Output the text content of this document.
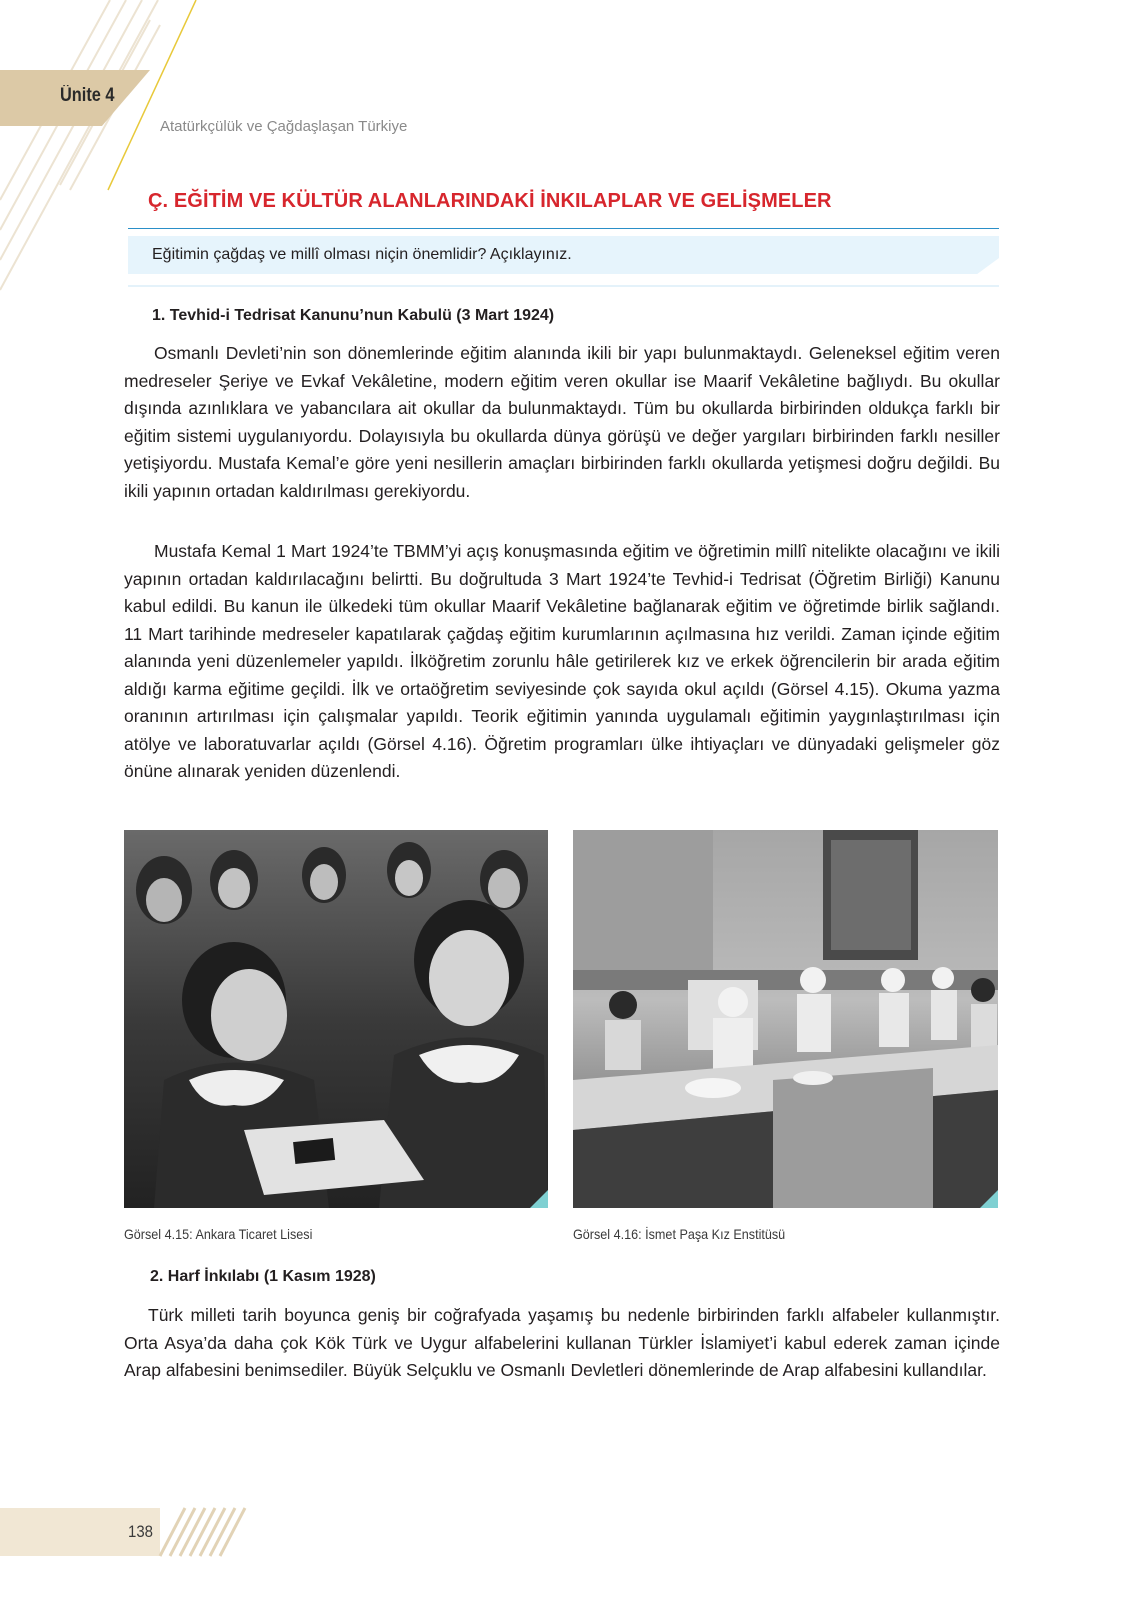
Ünite 4
Atatürkçülük ve Çağdaşlaşan Türkiye
Ç. EĞİTİM VE KÜLTÜR ALANLARINDAKİ İNKILAPLAR VE GELİŞMELER
Eğitimin çağdaş ve millî olması niçin önemlidir? Açıklayınız.
1. Tevhid-i Tedrisat Kanunu’nun Kabulü (3 Mart 1924)

Osmanlı Devleti’nin son dönemlerinde eğitim alanında ikili bir yapı bulunmaktaydı. Geleneksel eğitim veren medreseler Şeriye ve Evkaf Vekâletine, modern eğitim veren okullar ise Maarif Vekâletine bağlıydı. Bu okullar dışında azınlıklara ve yabancılara ait okullar da bulunmaktaydı. Tüm bu okullarda birbirinden oldukça farklı bir eğitim sistemi uygulanıyordu. Dolayısıyla bu okullarda dünya görüşü ve değer yargıları birbirinden farklı nesiller yetişiyordu. Mustafa Kemal’e göre yeni nesillerin amaçları birbirinden farklı okullarda yetişmesi doğru değildi. Bu ikili yapının ortadan kaldırılması gerekiyordu.

Mustafa Kemal 1 Mart 1924’te TBMM’yi açış konuşmasında eğitim ve öğretimin millî nitelikte olacağını ve ikili yapının ortadan kaldırılacağını belirtti. Bu doğrultuda 3 Mart 1924’te Tevhid-i Tedrisat (Öğretim Birliği) Kanunu kabul edildi. Bu kanun ile ülkedeki tüm okullar Maarif Vekâletine bağlanarak eğitim ve öğretimde birlik sağlandı. 11 Mart tarihinde medreseler kapatılarak çağdaş eğitim kurumlarının açılmasına hız verildi. Zaman içinde eğitim alanında yeni düzenlemeler yapıldı. İlköğretim zorunlu hâle getirilerek kız ve erkek öğrencilerin bir arada eğitim aldığı karma eğitime geçildi. İlk ve ortaöğretim seviyesinde çok sayıda okul açıldı (Görsel 4.15). Okuma yazma oranının artırılması için çalışmalar yapıldı. Teorik eğitimin yanında uygulamalı eğitimin yaygınlaştırılması için atölye ve laboratuvarlar açıldı (Görsel 4.16). Öğretim programları ülke ihtiyaçları ve dünyadaki gelişmeler göz önüne alınarak yeniden düzenlendi.

Görsel 4.15: Ankara Ticaret Lisesi	Görsel 4.16: İsmet Paşa Kız Enstitüsü
2. Harf İnkılabı (1 Kasım 1928)

Türk milleti tarih boyunca geniş bir coğrafyada yaşamış bu nedenle birbirinden farklı alfabeler kullanmıştır. Orta Asya’da daha çok Kök Türk ve Uygur alfabelerini kullanan Türkler İslamiyet’i kabul ederek zaman içinde Arap alfabesini benimsediler. Büyük Selçuklu ve Osmanlı Devletleri dönemlerinde de Arap alfabesini kullandılar.

138
